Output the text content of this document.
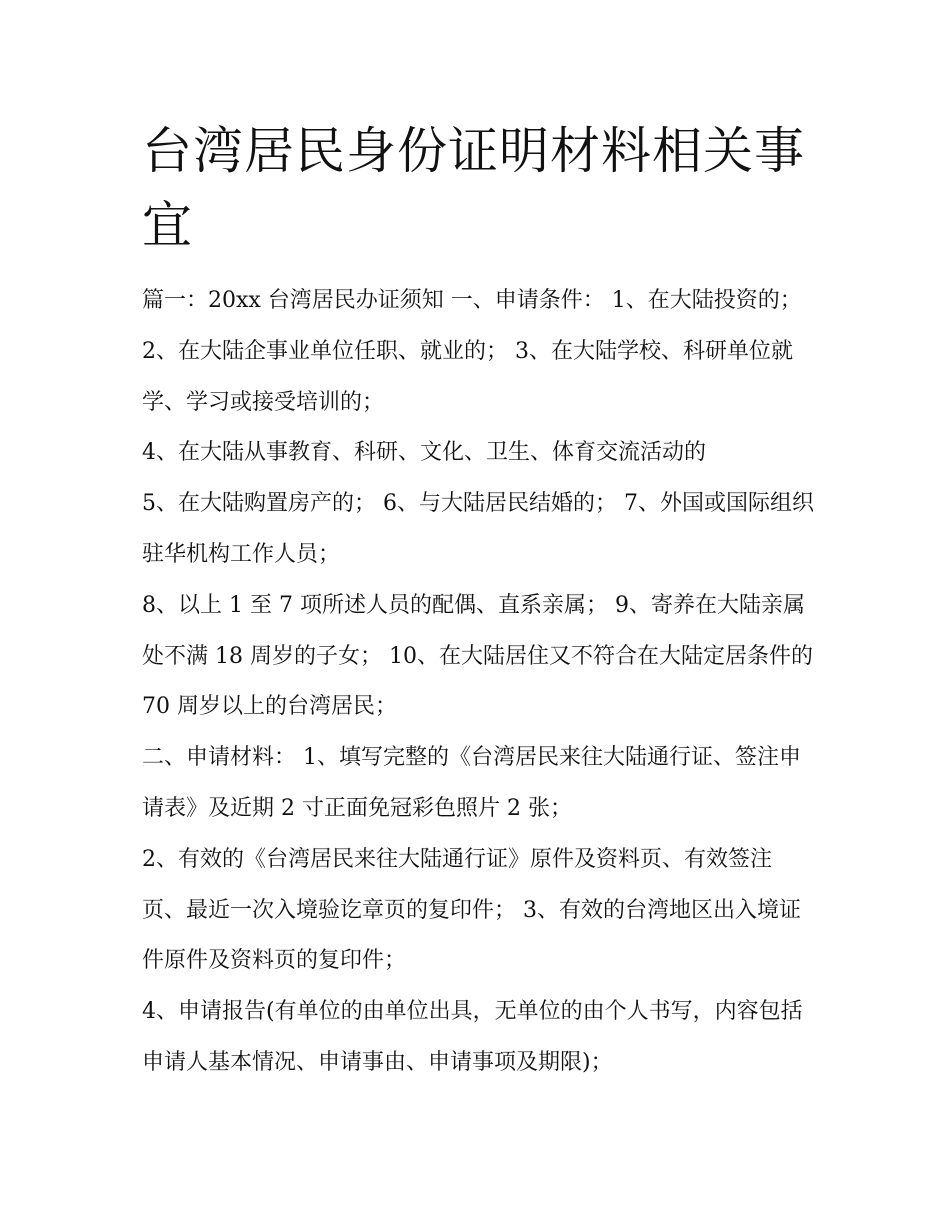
台湾居民身份证明材料相关事宜

篇一：20xx 台湾居民办证须知 一、申请条件： 1、在大陆投资的； 2、在大陆企事业单位任职、就业的； 3、在大陆学校、科研单位就学、学习或接受培训的；

4、在大陆从事教育、科研、文化、卫生、体育交流活动的

5、在大陆购置房产的； 6、与大陆居民结婚的； 7、外国或国际组织驻华机构工作人员；

8、以上 1 至 7 项所述人员的配偶、直系亲属； 9、寄养在大陆亲属处不满 18 周岁的子女； 10、在大陆居住又不符合在大陆定居条件的 70 周岁以上的台湾居民；

二、申请材料： 1、填写完整的《台湾居民来往大陆通行证、签注申请表》及近期 2 寸正面免冠彩色照片 2 张；

2、有效的《台湾居民来往大陆通行证》原件及资料页、有效签注页、最近一次入境验讫章页的复印件； 3、有效的台湾地区出入境证件原件及资料页的复印件；

4、申请报告(有单位的由单位出具，无单位的由个人书写，内容包括申请人基本情况、申请事由、申请事项及期限)；
